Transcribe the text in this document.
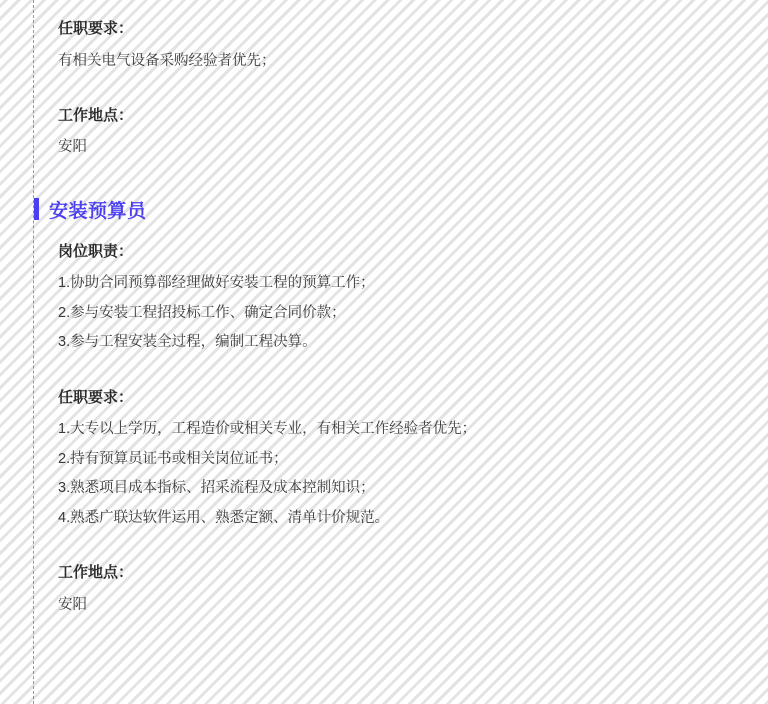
任职要求：

有相关电气设备采购经验者优先；

工作地点：

安阳

安装预算员

岗位职责：

1.协助合同预算部经理做好安装工程的预算工作；

2.参与安装工程招投标工作、确定合同价款；

3.参与工程安装全过程，编制工程决算。

任职要求：

1.大专以上学历，工程造价或相关专业，有相关工作经验者优先；

2.持有预算员证书或相关岗位证书；

3.熟悉项目成本指标、招采流程及成本控制知识；

4.熟悉广联达软件运用、熟悉定额、清单计价规范。

工作地点：

安阳
